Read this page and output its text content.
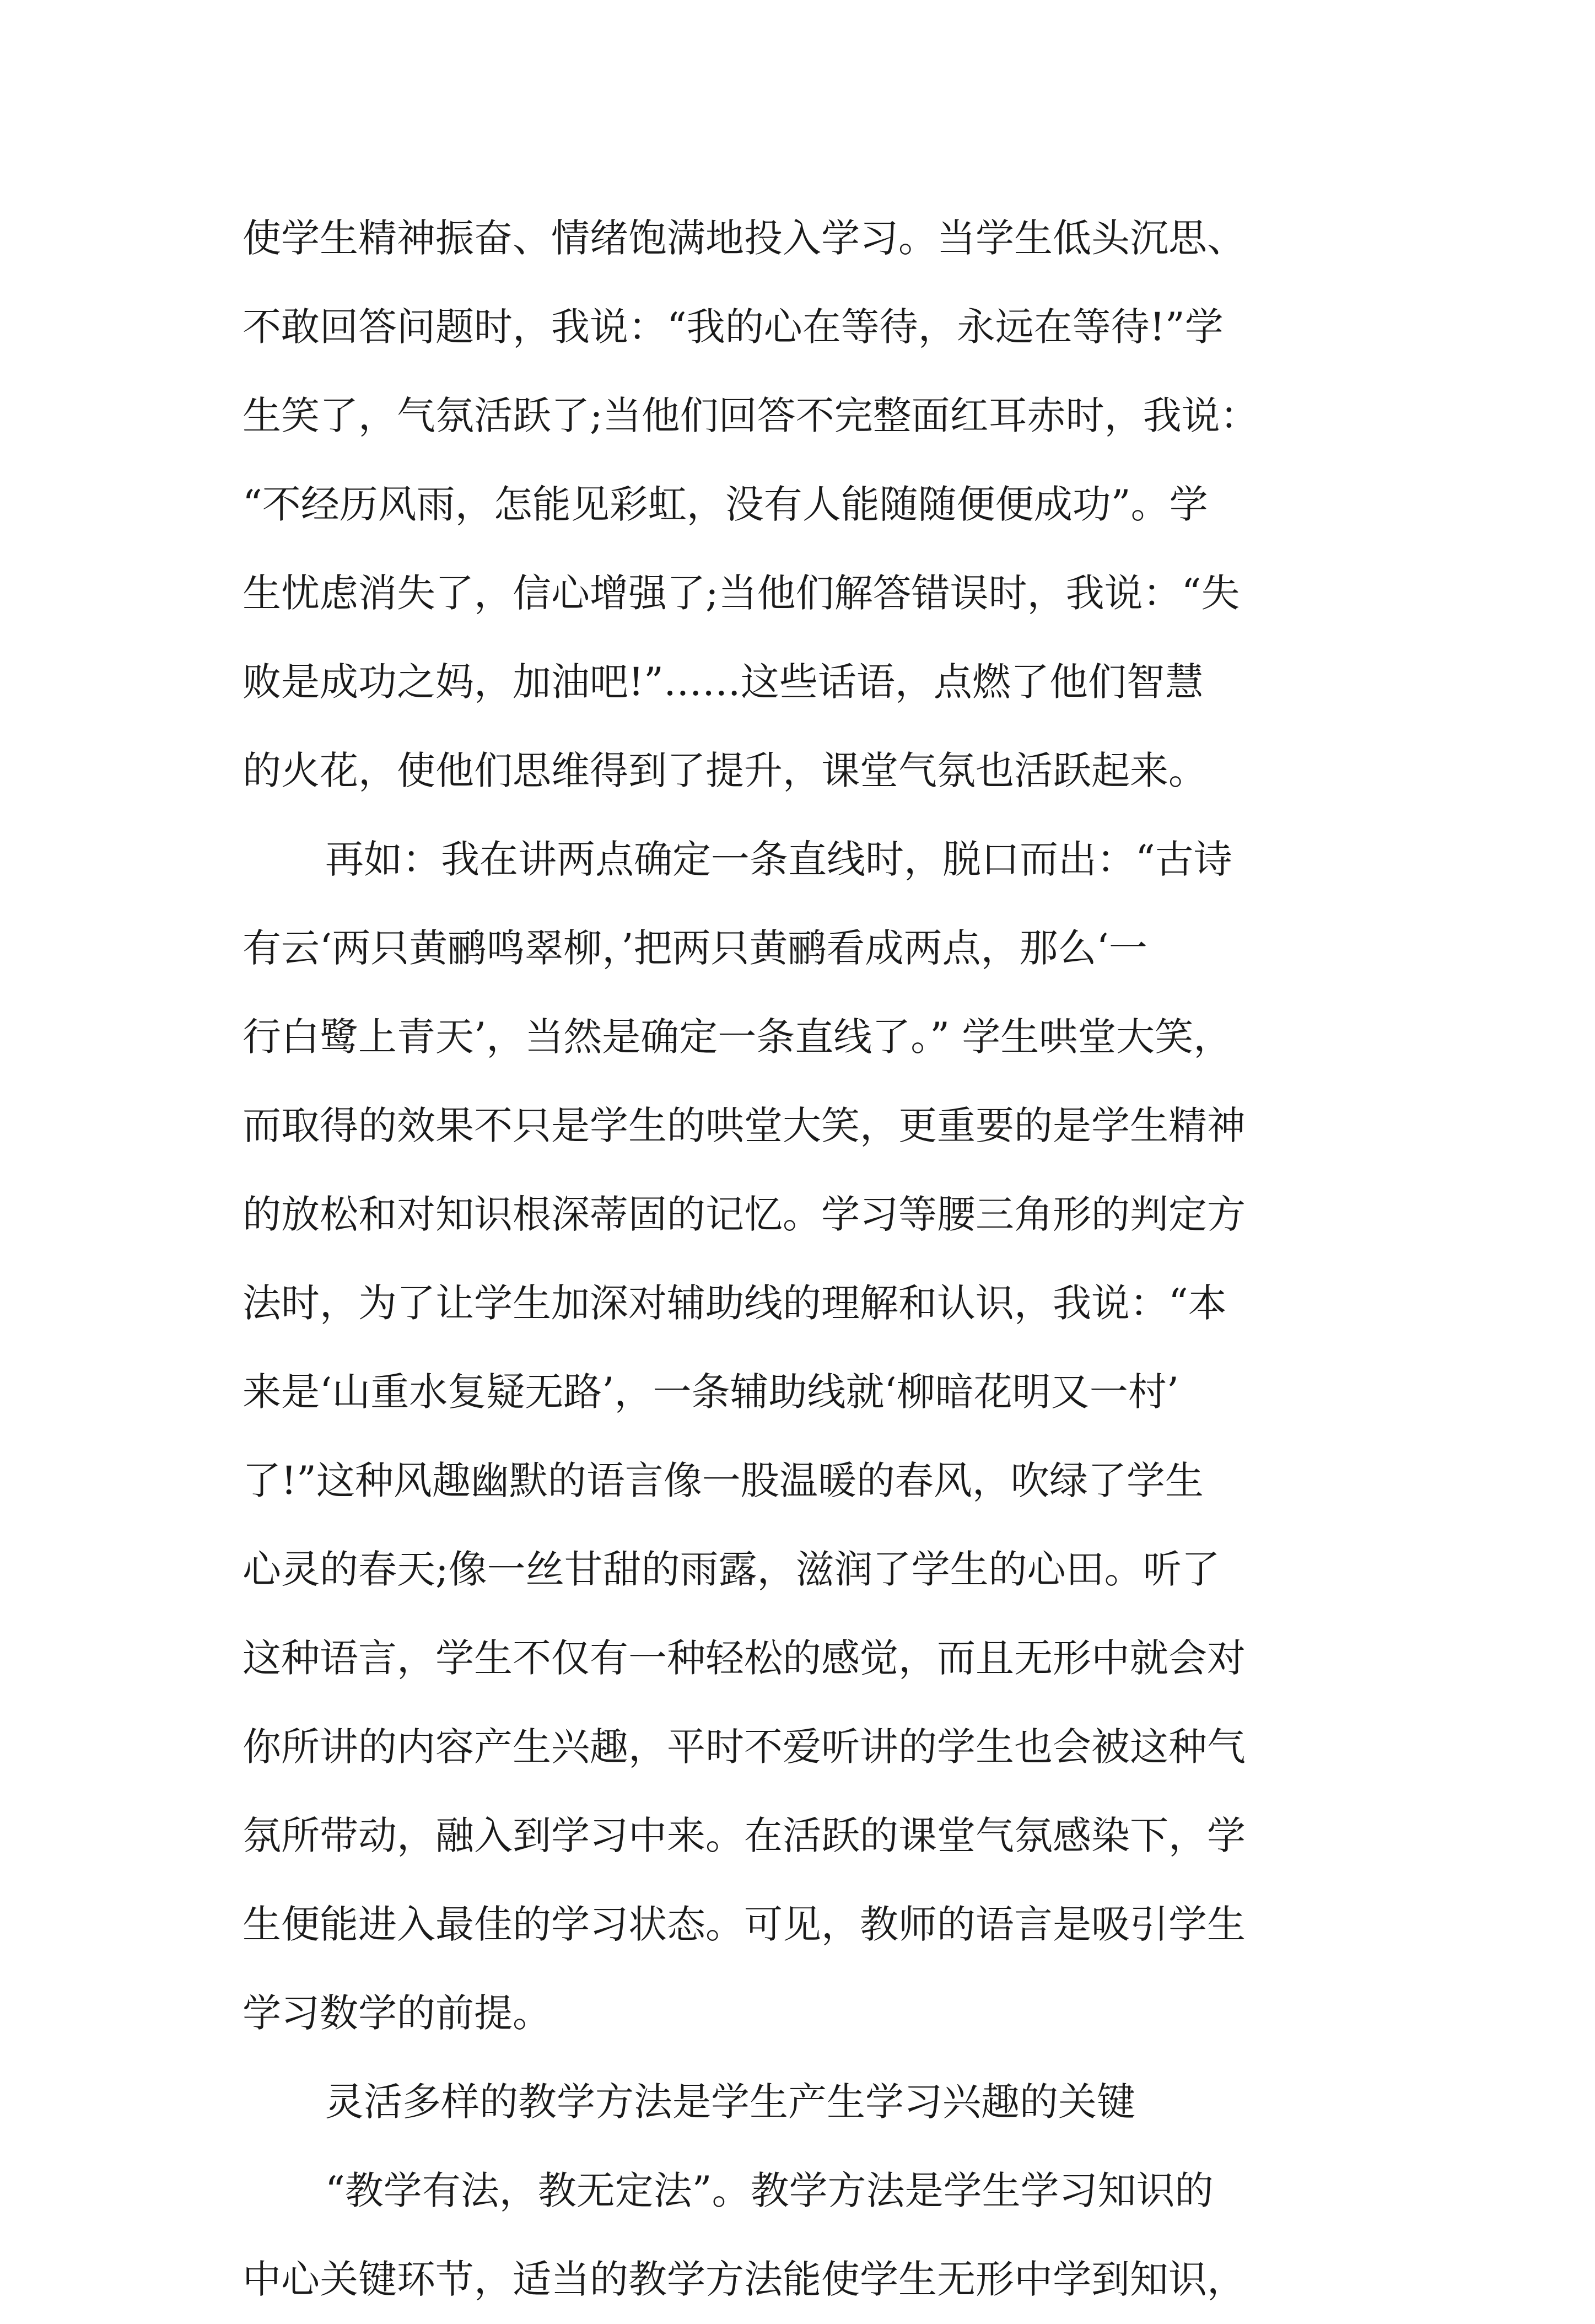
使学生精神振奋、情绪饱满地投入学习。当学生低头沉思、
不敢回答问题时，我说：“我的心在等待，永远在等待!”学
生笑了，气氛活跃了;当他们回答不完整面红耳赤时，我说：
“不经历风雨，怎能见彩虹，没有人能随随便便成功”。学
生忧虑消失了，信心增强了;当他们解答错误时，我说：“失
败是成功之妈，加油吧!”……这些话语，点燃了他们智慧
的火花，使他们思维得到了提升，课堂气氛也活跃起来。
再如：我在讲两点确定一条直线时，脱口而出：“古诗
有云‘两只黄鹂鸣翠柳，’把两只黄鹂看成两点，那么‘一
行白鹭上青天’，当然是确定一条直线了。” 学生哄堂大笑，
而取得的效果不只是学生的哄堂大笑，更重要的是学生精神
的放松和对知识根深蒂固的记忆。学习等腰三角形的判定方
法时，为了让学生加深对辅助线的理解和认识，我说：“本
来是‘山重水复疑无路’，一条辅助线就‘柳暗花明又一村’
了!”这种风趣幽默的语言像一股温暖的春风，吹绿了学生
心灵的春天;像一丝甘甜的雨露，滋润了学生的心田。听了
这种语言，学生不仅有一种轻松的感觉，而且无形中就会对
你所讲的内容产生兴趣，平时不爱听讲的学生也会被这种气
氛所带动，融入到学习中来。在活跃的课堂气氛感染下，学
生便能进入最佳的学习状态。可见，教师的语言是吸引学生
学习数学的前提。
灵活多样的教学方法是学生产生学习兴趣的关键
“教学有法，教无定法”。教学方法是学生学习知识的
中心关键环节，适当的教学方法能使学生无形中学到知识，
